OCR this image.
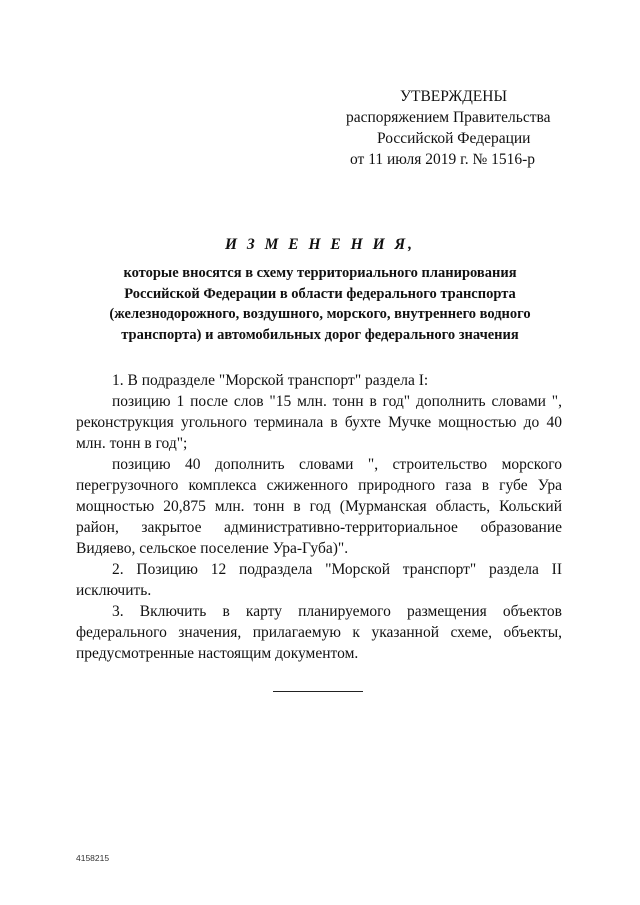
УТВЕРЖДЕНЫ
распоряжением Правительства
Российской Федерации
от 11 июля 2019 г. № 1516-р
И З М Е Н Е Н И Я,
которые вносятся в схему территориального планирования
Российской Федерации в области федерального транспорта
(железнодорожного, воздушного, морского, внутреннего водного
транспорта) и автомобильных дорог федерального значения

1. В подразделе "Морской транспорт" раздела I:

позицию 1 после слов "15 млн. тонн в год" дополнить словами ", реконструкция угольного терминала в бухте Мучке мощностью до 40 млн. тонн в год";

позицию 40 дополнить словами ", строительство морского перегрузочного комплекса сжиженного природного газа в губе Ура мощностью 20,875 млн. тонн в год (Мурманская область, Кольский район, закрытое административно-территориальное образование Видяево, сельское поселение Ура-Губа)".

2. Позицию 12 подраздела "Морской транспорт" раздела II исключить.

3. Включить в карту планируемого размещения объектов федерального значения, прилагаемую к указанной схеме, объекты, предусмотренные настоящим документом.

4158215
